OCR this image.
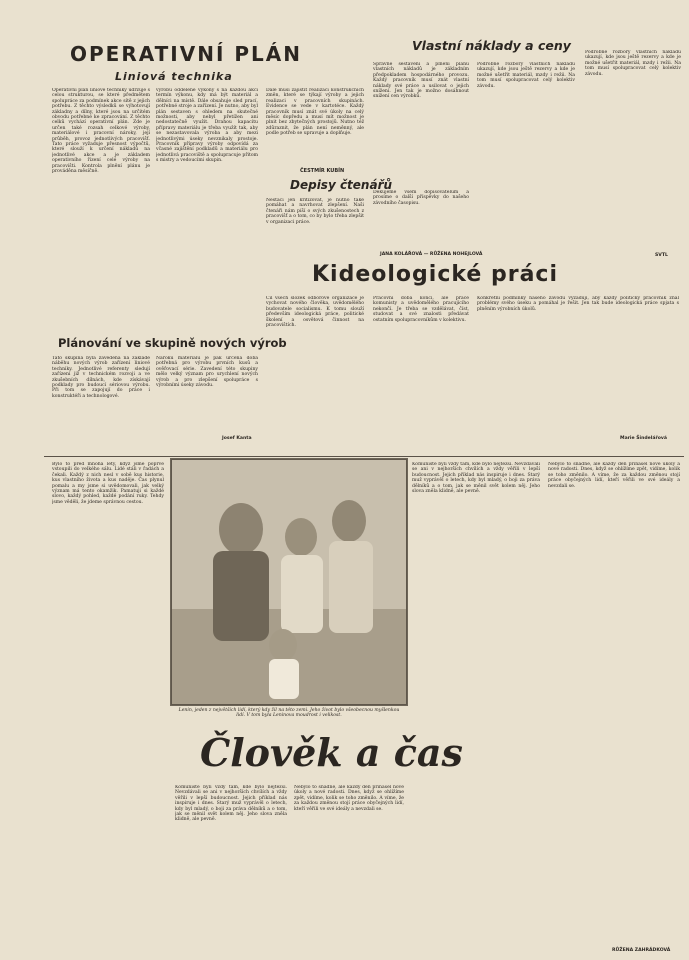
OPERATIVNÍ PLÁN
Liniová technika
Operativní plán liniové techniky udržuje s celou strukturou, se které předmětem spolupráce za podmínek akce sítě z jejich potřebu. Z těchto výsledků se výhotovují základny a dílny, které jsou na určitém obvodu potřebné ke zpracování. Z těchto celků vychází operativní plán. Zde je určen také rozsah celkové výroby, materiálové i pracovní nároky, její průběh, provoz jednotlivých pracovišť. Tato práce vyžaduje přesnost výpočtů, které slouží k určení nákladů na jednotlivé akce a je základem operativního řízení celé výroby na pracovišti. Kontrola plnění plánu je prováděna měsíčně.
výrobu odděleně výkony s na každou akci termín výkonu, kdy má být materiál a dělníci na místě. Dále obsahuje sled prací, potřebné stroje a zařízení. Je nutno, aby byl plán sestaven s ohledem na skutečné možnosti, aby nebyl přetížen ani nedostatečně využit. Drahou kapacitu přípravy materiálu je třeba využít tak, aby se nezastavovala výroba a aby mezi jednotlivými úseky nevznikaly prostoje. Pracovník přípravy výroby odpovídá za včasné zajištění podkladů a materiálu pro jednotlivá pracoviště a spolupracuje přitom s mistry a vedoucími skupin.
Dále musí zajistit realizaci konstrukčních změn, které se týkají výroby a jejich realizaci v pracovních skupinách. Evidence se vede v kartotéce. Každý pracovník musí znát své úkoly na celý měsíc dopředu a musí mít možnost je plnit bez zbytečných prostojů. Nutno též zdůraznit, že plán není neměnný, ale podle potřeb se upravuje a doplňuje.
ČESTMÍR KUBÍN
Depisy čtenářů
Nestačí jen kritizovat, je nutno také pomáhat a navrhovat zlepšení. Naši čtenáři nám píší o svých zkušenostech z pracovišť a o tom, co by bylo třeba zlepšit v organizaci práce.
Děkujeme všem dopisovatelům a prosíme o další příspěvky do našeho závodního časopisu.
JANA KOLÁŘOVÁ — RŮŽENA NOHEJLOVÁ
Vlastní náklady a ceny
Správné sestavení a plnění plánu vlastních nákladů je základním předpokladem hospodárného provozu. Každý pracovník musí znát vlastní náklady své práce a usilovat o jejich snížení. Jen tak je možno dosáhnout snížení cen výrobků.
Podrobné rozbory vlastních nákladů ukazují, kde jsou ještě rezervy a kde je možné ušetřit materiál, mzdy i režii. Na tom musí spolupracovat celý kolektiv závodu.
Podrobné rozbory vlastních nákladů ukazují, kde jsou ještě rezervy a kde je možné ušetřit materiál, mzdy i režii. Na tom musí spolupracovat celý kolektiv závodu.
SVTL
Plánování ve skupině nových výrob
Tato skupina byla zavedena na základě náběhu nových výrob zařízení liniové techniky. Jednotlivé referenty sledují zařízení již v technickém rozvoji a ve zkušebních dílnách, kde získávají podklady pro budoucí sériovou výrobu. Při tom se zapojují do práce i konstruktéři a technologové.
Nároků materiálu je pak určena doba potřebná pro výrobu prvních kusů a ověřovací série. Zavedení této skupiny mělo velký význam pro urychlení nových výrob a pro zlepšení spolupráce s výrobními úseky závodu.
Josef Kanta
Kideologické práci
Cíl všech složek odborové organizace je vychovat nového člověka, uvědomělého budovatele socialismu. K tomu slouží především ideologická práce, politické školení a osvětová činnost na pracovištích.
Pracovní doba končí, ale práce komunisty a uvědomělého pracujícího nekončí. Je třeba se vzdělávat, číst, studovat a své znalosti předávat ostatním spolupracovníkům v kolektivu.
Konkrétní podmínky našeho závodu vyžadují, aby každý politický pracovník znal problémy svého úseku a pomáhal je řešit. Jen tak bude ideologická práce spjata s plněním výrobních úkolů.
Marie Šindelářová
Bylo to před mnoha lety, když jsme poprvé vstoupili do velkého sálu. Lidé stáli v řadách a čekali. Každý z nich nesl v sobě kus historie, kus vlastního života a kus naděje. Čas plynul pomalu a my jsme si uvědomovali, jak velký význam má tento okamžik. Pamatuji si každé slovo, každý pohled, každé podání ruky. Tehdy jsme věděli, že jdeme správnou cestou.
Lenin, jeden z největších lidí, který kdy žil na této zemi. Jeho život bylo všeobecnou myšlenkou lidí. V tom byla Leninova moudrost i velikost.
Člověk a čas
Komunisté byli vždy tam, kde bylo nejtěžší. Nevzdávali se ani v nejhorších chvílích a vždy věřili v lepší budoucnost. Jejich příklad nás inspiruje i dnes. Starý muž vyprávěl o letech, kdy byl mladý, o boji za práva dělníků a o tom, jak se měnil svět kolem něj. Jeho slova zněla klidně, ale pevně.
Nebylo to snadné, ale každý den přinášel nové úkoly a nové radosti. Dnes, když se ohlížíme zpět, vidíme, kolik se toho změnilo. A víme, že za každou změnou stojí práce obyčejných lidí, kteří věřili ve své ideály a nevzdali se.
Komunisté byli vždy tam, kde bylo nejtěžší. Nevzdávali se ani v nejhorších chvílích a vždy věřili v lepší budoucnost. Jejich příklad nás inspiruje i dnes. Starý muž vyprávěl o letech, kdy byl mladý, o boji za práva dělníků a o tom, jak se měnil svět kolem něj. Jeho slova zněla klidně, ale pevně.
Nebylo to snadné, ale každý den přinášel nové úkoly a nové radosti. Dnes, když se ohlížíme zpět, vidíme, kolik se toho změnilo. A víme, že za každou změnou stojí práce obyčejných lidí, kteří věřili ve své ideály a nevzdali se.
RŮŽENA ZAHRÁDKOVÁ
